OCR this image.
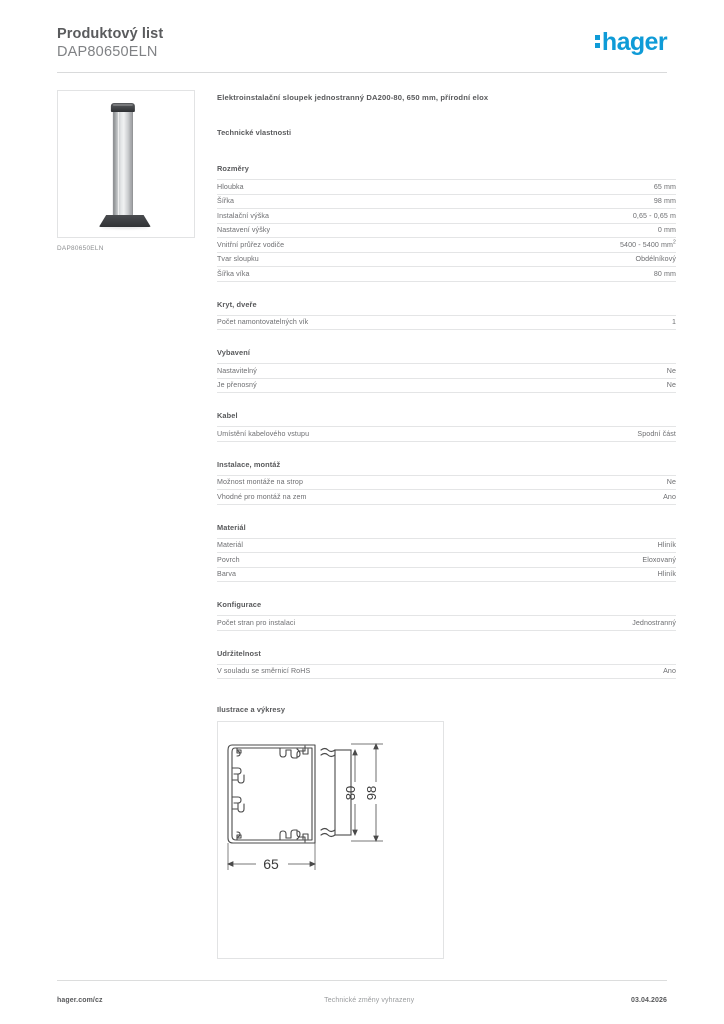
Produktový list
DAP80650ELN	hager
DAP80650ELN
Elektroinstalační sloupek jednostranný DA200-80, 650 mm, přírodní elox
Technické vlastnosti
Rozměry
Hloubka	65 mm
Šířka	98 mm
Instalační výška	0,65 - 0,65 m
Nastavení výšky	0 mm
Vnitřní průřez vodiče	5400 - 5400 $mm^2$
Tvar sloupku	Obdélníkový
Šířka víka	80 mm
Kryt, dveře
Počet namontovatelných vík	1
Vybavení
Nastavitelný	Ne
Je přenosný	Ne
Kabel
Umístění kabelového vstupu	Spodní část
Instalace, montáž
Možnost montáže na strop	Ne
Vhodné pro montáž na zem	Ano
Materiál
Materiál	Hliník
Povrch	Eloxovaný
Barva	Hliník
Konfigurace
Počet stran pro instalaci	Jednostranný
Udržitelnost
V souladu se směrnicí RoHS	Ano
Ilustrace a výkresy
80 98
65
hager.com/cz	Technické změny vyhrazeny	03.04.2026
